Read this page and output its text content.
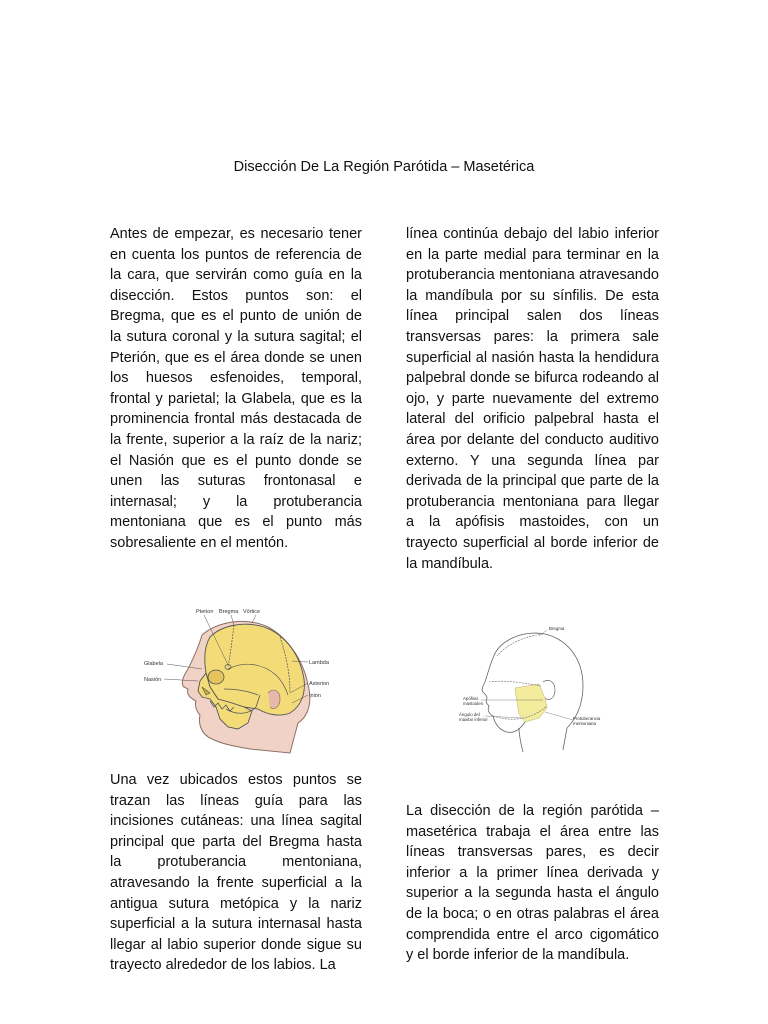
Disección De La Región Parótida – Masetérica

Antes de empezar, es necesario tener en cuenta los puntos de referencia de la cara, que servirán como guía en la disección. Estos puntos son: el Bregma, que es el punto de unión de la sutura coronal y la sutura sagital; el Pterión, que es el área donde se unen los huesos esfenoides, temporal, frontal y parietal; la Glabela, que es la prominencia frontal más destacada de la frente, superior a la raíz de la nariz; el Nasión que es el punto donde se unen las suturas frontonasal e internasal; y la protuberancia mentoniana que es el punto más sobresaliente en el mentón.

Pterion Bregma Vórtice
Glabela
Nasión
Lambda
Asterion
Inion

Una vez ubicados estos puntos se trazan las líneas guía para las incisiones cutáneas: una línea sagital principal que parta del Bregma hasta la protuberancia mentoniana, atravesando la frente superficial a la antigua sutura metópica y la nariz superficial a la sutura internasal hasta llegar al labio superior donde sigue su trayecto alrededor de los labios. La

línea continúa debajo del labio inferior en la parte medial para terminar en la protuberancia mentoniana atravesando la mandíbula por su sínfilis. De esta línea principal salen dos líneas transversas pares: la primera sale superficial al nasión hasta la hendidura palpebral donde se bifurca rodeando al ojo, y parte nuevamente del extremo lateral del orificio palpebral hasta el área por delante del conducto auditivo externo. Y una segunda línea par derivada de la principal que parte de la protuberancia mentoniana para llegar a la apófisis mastoides, con un trayecto superficial al borde inferior de la mandíbula.

Bregma
Apófisis
mastoides
Ángulo del
maxilar inferior	Protuberancia
mentoniana

La disección de la región parótida – masetérica trabaja el área entre las líneas transversas pares, es decir inferior a la primer línea derivada y superior a la segunda hasta el ángulo de la boca; o en otras palabras el área comprendida entre el arco cigomático y el borde inferior de la mandíbula.
